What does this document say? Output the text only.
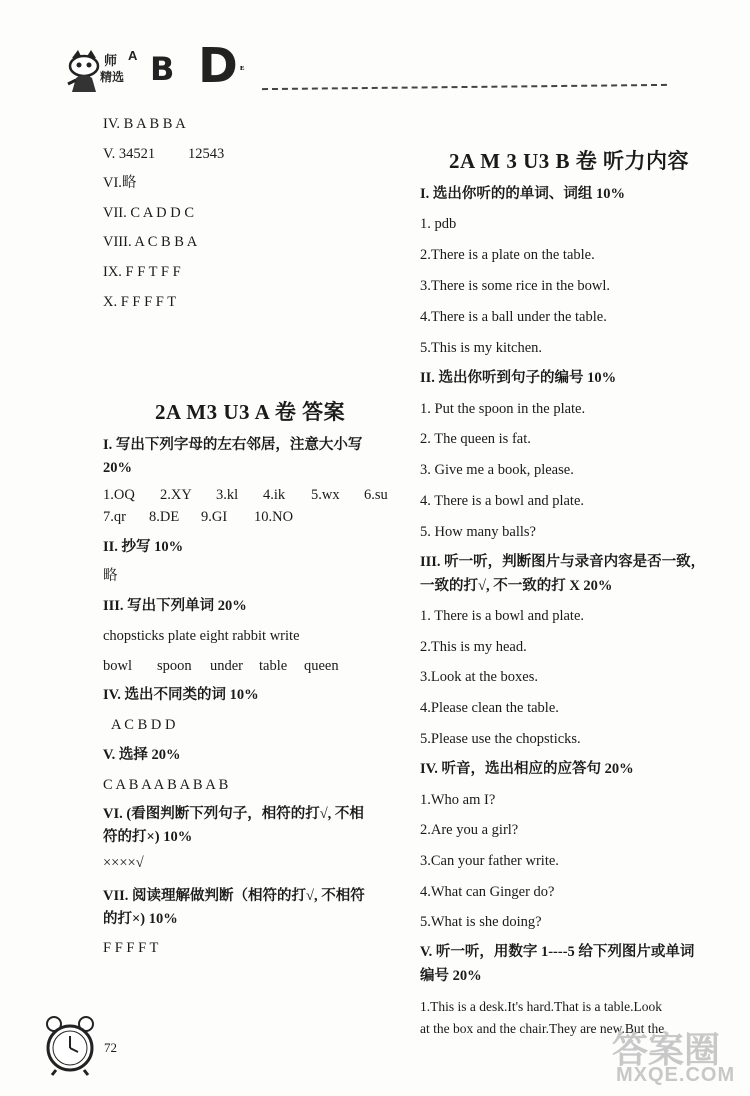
师
精选
A B D ᴱ
IV. B A B B A
V. 34521 12543
VI.略
VII. C A D D C
VIII. A C B B A
IX. F F T F F
X. F F F F T
2A M3 U3 A 卷 答案
I. 写出下列字母的左右邻居，注意大小写
20%
1.OQ 2.XY 3.kl 4.ik 5.wx 6.su
7.qr 8.DE 9.GI 10.NO
II. 抄写 10%
略
III. 写出下列单词 20%
chopsticks plate eight rabbit write
bowl spoon under table queen
IV. 选出不同类的词 10%
A C B D D
V. 选择 20%
C A B A A B A B A B
VI. (看图判断下列句子，相符的打√, 不相
符的打×) 10%
××××√
VII. 阅读理解做判断（相符的打√, 不相符
的打×) 10%
F F F F T
2A M 3 U3 B 卷 听力内容
I. 选出你听的的单词、词组 10%
1. pdb
2.There is a plate on the table.
3.There is some rice in the bowl.
4.There is a ball under the table.
5.This is my kitchen.
II. 选出你听到句子的编号 10%
1. Put the spoon in the plate.
2. The queen is fat.
3. Give me a book, please.
4. There is a bowl and plate.
5. How many balls?
III. 听一听，判断图片与录音内容是否一致，
一致的打√, 不一致的打 X 20%
1. There is a bowl and plate.
2.This is my head.
3.Look at the boxes.
4.Please clean the table.
5.Please use the chopsticks.
IV. 听音，选出相应的应答句 20%
1.Who am I?
2.Are you a girl?
3.Can your father write.
4.What can Ginger do?
5.What is she doing?
V. 听一听，用数字 1----5 给下列图片或单词
编号 20%
1.This is a desk.It's hard.That is a table.Look
at the box and the chair.They are new.But the
72	答案圈
MXQE.COM
